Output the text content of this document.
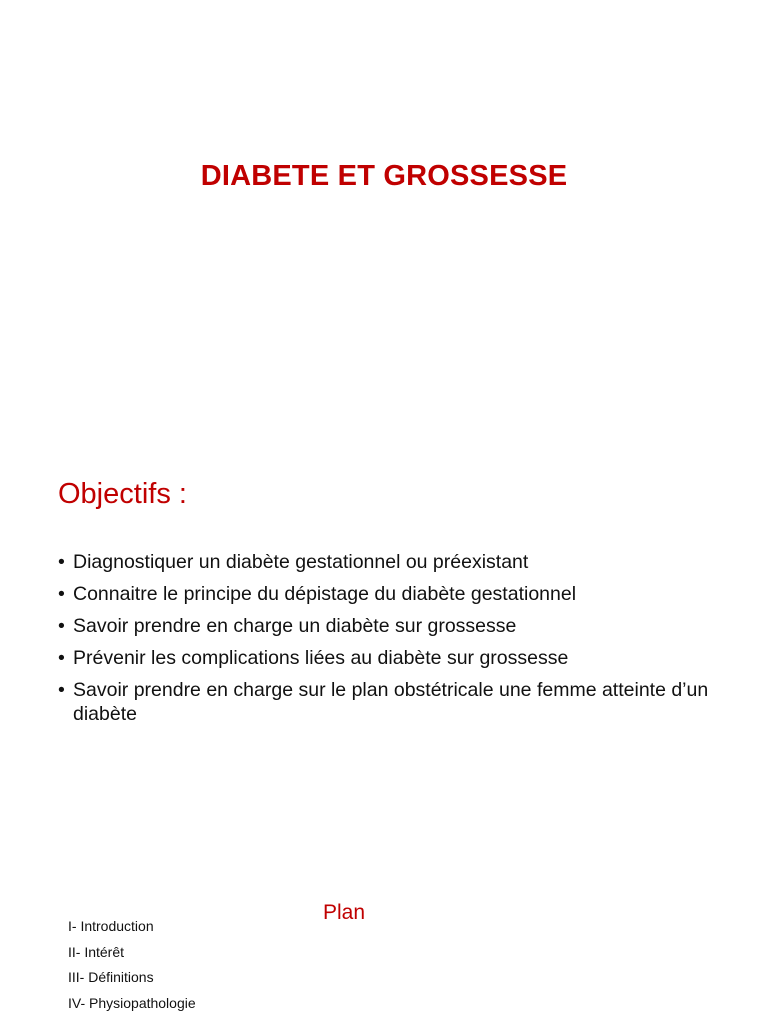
DIABETE ET GROSSESSE
Objectifs :
• Diagnostiquer un diabète gestationnel ou préexistant
• Connaitre le principe du dépistage du diabète gestationnel
• Savoir prendre en charge un diabète sur grossesse
• Prévenir les complications liées au diabète sur grossesse
• Savoir prendre en charge sur le plan obstétricale une femme atteinte d’un diabète
Plan
I- Introduction
II- Intérêt
III- Définitions
IV- Physiopathologie
